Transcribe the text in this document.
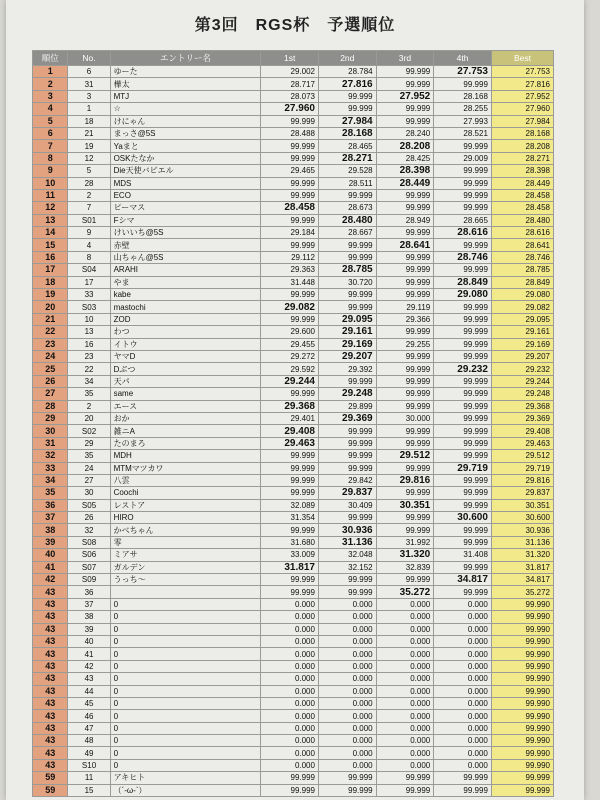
第3回　RGS杯　予選順位
順位	No.	エントリー名	1st	2nd	3rd	4th	Best
1	6	ゆーた	29.002	28.784	99.999	27.753	27.753
2	31	樺太	28.717	27.816	99.999	99.999	27.816
3	3	MTJ	28.073	99.999	27.952	28.168	27.952
4	1	☆	27.960	99.999	99.999	28.255	27.960
5	18	けにゃん	99.999	27.984	99.999	27.993	27.984
6	21	まっさ@5S	28.488	28.168	28.240	28.521	28.168
7	19	Yaまと	99.999	28.465	28.208	99.999	28.208
8	12	OSKたなか	99.999	28.271	28.425	29.009	28.271
9	5	Die天使バビエル	29.465	29.528	28.398	99.999	28.398
10	28	MDS	99.999	28.511	28.449	99.999	28.449
11	2	ECO	99.999	99.999	99.999	99.999	28.458
12	7	ピーマス	28.458	28.673	99.999	99.999	28.458
13	S01	Fシマ	99.999	28.480	28.949	28.665	28.480
14	9	けいいち@5S	29.184	28.667	99.999	28.616	28.616
15	4	赤壁	99.999	99.999	28.641	99.999	28.641
16	8	山ちゃん@5S	29.112	99.999	99.999	28.746	28.746
17	S04	ARAHI	29.363	28.785	99.999	99.999	28.785
18	17	やま	31.448	30.720	99.999	28.849	28.849
19	33	kabe	99.999	99.999	99.999	29.080	29.080
20	S03	mastochi	29.082	99.999	29.119	99.999	29.082
21	10	ZOD	99.999	29.095	29.366	99.999	29.095
22	13	わつ	29.600	29.161	99.999	99.999	29.161
23	16	イトウ	29.455	29.169	29.255	99.999	29.169
24	23	ヤマD	29.272	29.207	99.999	99.999	29.207
25	22	Dぶつ	29.592	29.392	99.999	29.232	29.232
26	34	天パ	29.244	99.999	99.999	99.999	29.244
27	35	same	99.999	29.248	99.999	99.999	29.248
28	2	エース	29.368	29.899	99.999	99.999	29.368
29	20	おか	29.401	29.369	30.000	99.999	29.369
30	S02	雑ニA	29.408	99.999	99.999	99.999	29.408
31	29	たのまろ	29.463	99.999	99.999	99.999	29.463
32	35	MDH	99.999	99.999	29.512	99.999	29.512
33	24	MTMマツカワ	99.999	99.999	99.999	29.719	29.719
34	27	八雲	99.999	29.842	29.816	99.999	29.816
35	30	Coochi	99.999	29.837	99.999	99.999	29.837
36	S05	レストア	32.089	30.409	30.351	99.999	30.351
37	26	HIRO	31.354	99.999	99.999	30.600	30.600
38	32	かべちゃん	99.999	30.936	99.999	99.999	30.936
39	S08	零	31.680	31.136	31.992	99.999	31.136
40	S06	ミアサ	33.009	32.048	31.320	31.408	31.320
41	S07	ガルデン	31.817	32.152	32.839	99.999	31.817
42	S09	うっち～	99.999	99.999	99.999	34.817	34.817
43	36		99.999	99.999	35.272	99.999	35.272
43	37	0	0.000	0.000	0.000	0.000	99.990
43	38	0	0.000	0.000	0.000	0.000	99.990
43	39	0	0.000	0.000	0.000	0.000	99.990
43	40	0	0.000	0.000	0.000	0.000	99.990
43	41	0	0.000	0.000	0.000	0.000	99.990
43	42	0	0.000	0.000	0.000	0.000	99.990
43	43	0	0.000	0.000	0.000	0.000	99.990
43	44	0	0.000	0.000	0.000	0.000	99.990
43	45	0	0.000	0.000	0.000	0.000	99.990
43	46	0	0.000	0.000	0.000	0.000	99.990
43	47	0	0.000	0.000	0.000	0.000	99.990
43	48	0	0.000	0.000	0.000	0.000	99.990
43	49	0	0.000	0.000	0.000	0.000	99.990
43	S10	0	0.000	0.000	0.000	0.000	99.990
59	11	アキヒト	99.999	99.999	99.999	99.999	99.999
59	15	（´-ω-`）	99.999	99.999	99.999	99.999	99.999
